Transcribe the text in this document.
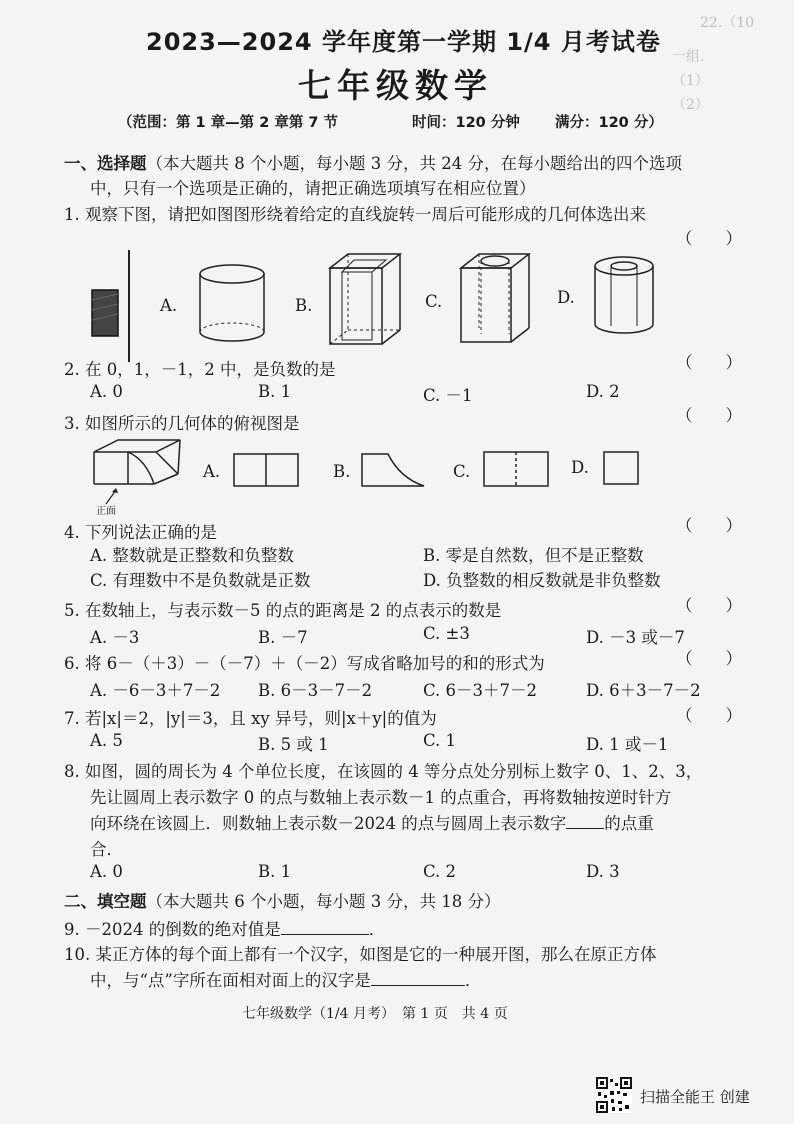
22.（10
一组.
（1）
（2）
2023—2024 学年度第一学期 1/4 月考试卷
七年级数学
（范围：第 1 章—第 2 章第 7 节	时间：120 分钟 满分：120 分）
一、选择题（本大题共 8 个小题，每小题 3 分，共 24 分，在每小题给出的四个选项
中，只有一个选项是正确的，请把正确选项填写在相应位置）
1. 观察下图，请把如图图形绕着给定的直线旋转一周后可能形成的几何体选出来
（　　）
A.	B.	C.	D.
2. 在 0，1，－1，2 中，是负数的是	（　　）
A. 0	B. 1	C. －1	D. 2
3. 如图所示的几何体的俯视图是	（　　）
正面
A.	B.	C.	D.
4. 下列说法正确的是	（　　）
A. 整数就是正整数和负整数	B. 零是自然数，但不是正整数
C. 有理数中不是负数就是正数	D. 负整数的相反数就是非负整数
5. 在数轴上，与表示数－5 的点的距离是 2 的点表示的数是	（　　）
A. －3	B. －7	C. ±3	D. －3 或－7
6. 将 6－（＋3）－（－7）＋（－2）写成省略加号的和的形式为	（　　）
A. －6－3＋7－2 B. 6－3－7－2	C. 6－3＋7－2	D. 6＋3－7－2
7. 若|x|＝2，|y|＝3，且 xy 异号，则|x＋y|的值为	（　　）
A. 5	B. 5 或 1	C. 1	D. 1 或－1
8. 如图，圆的周长为 4 个单位长度，在该圆的 4 等分点处分别标上数字 0、1、2、3，
先让圆周上表示数字 0 的点与数轴上表示数－1 的点重合，再将数轴按逆时针方
向环绕在该圆上．则数轴上表示数－2024 的点与圆周上表示数字 的点重
合．
A. 0	B. 1	C. 2	D. 3
二、填空题（本大题共 6 个小题，每小题 3 分，共 18 分）
9. －2024 的倒数的绝对值是	．
10. 某正方体的每个面上都有一个汉字，如图是它的一种展开图，那么在原正方体
中，与“点”字所在面相对面上的汉字是	．
七年级数学（1/4 月考）　第 1 页　共 4 页
扫描全能王 创建
